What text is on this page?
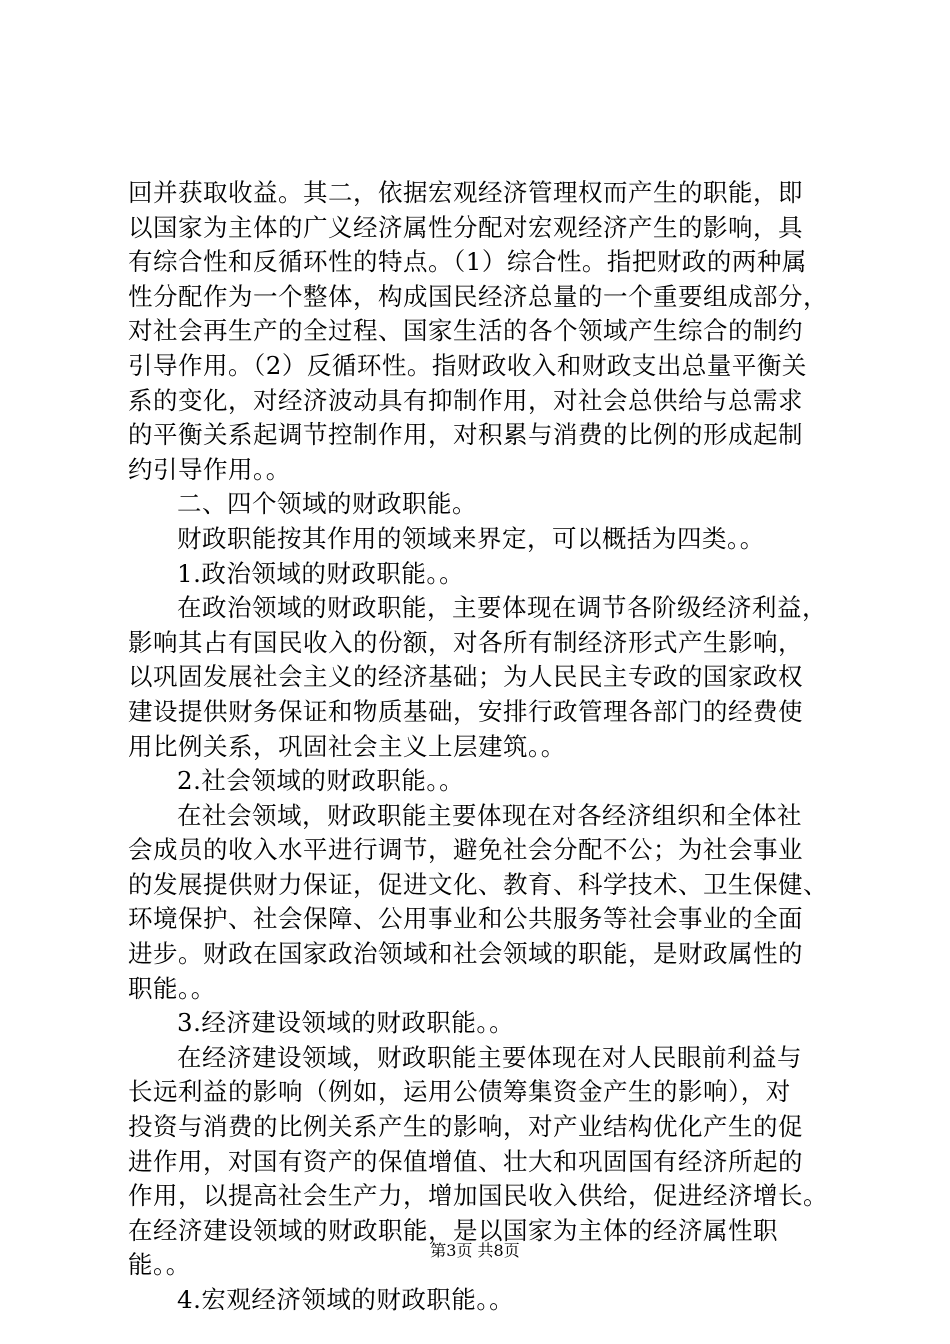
回并获取收益。其二，依据宏观经济管理权而产生的职能，即
以国家为主体的广义经济属性分配对宏观经济产生的影响，具
有综合性和反循环性的特点。（1）综合性。指把财政的两种属
性分配作为一个整体，构成国民经济总量的一个重要组成部分，
对社会再生产的全过程、国家生活的各个领域产生综合的制约
引导作用。（2）反循环性。指财政收入和财政支出总量平衡关
系的变化，对经济波动具有抑制作用，对社会总供给与总需求
的平衡关系起调节控制作用，对积累与消费的比例的形成起制
约引导作用。。
二、四个领域的财政职能。
财政职能按其作用的领域来界定，可以概括为四类。。
1.政治领域的财政职能。。
在政治领域的财政职能，主要体现在调节各阶级经济利益，
影响其占有国民收入的份额，对各所有制经济形式产生影响，
以巩固发展社会主义的经济基础；为人民民主专政的国家政权
建设提供财务保证和物质基础，安排行政管理各部门的经费使
用比例关系，巩固社会主义上层建筑。。
2.社会领域的财政职能。。
在社会领域，财政职能主要体现在对各经济组织和全体社
会成员的收入水平进行调节，避免社会分配不公；为社会事业
的发展提供财力保证，促进文化、教育、科学技术、卫生保健、
环境保护、社会保障、公用事业和公共服务等社会事业的全面
进步。财政在国家政治领域和社会领域的职能，是财政属性的
职能。。
3.经济建设领域的财政职能。。
在经济建设领域，财政职能主要体现在对人民眼前利益与
长远利益的影响（例如，运用公债筹集资金产生的影响），对
投资与消费的比例关系产生的影响，对产业结构优化产生的促
进作用，对国有资产的保值增值、壮大和巩固国有经济所起的
作用，以提高社会生产力，增加国民收入供给，促进经济增长。
在经济建设领域的财政职能，是以国家为主体的经济属性职
能。。
4.宏观经济领域的财政职能。。
第3页 共8页
